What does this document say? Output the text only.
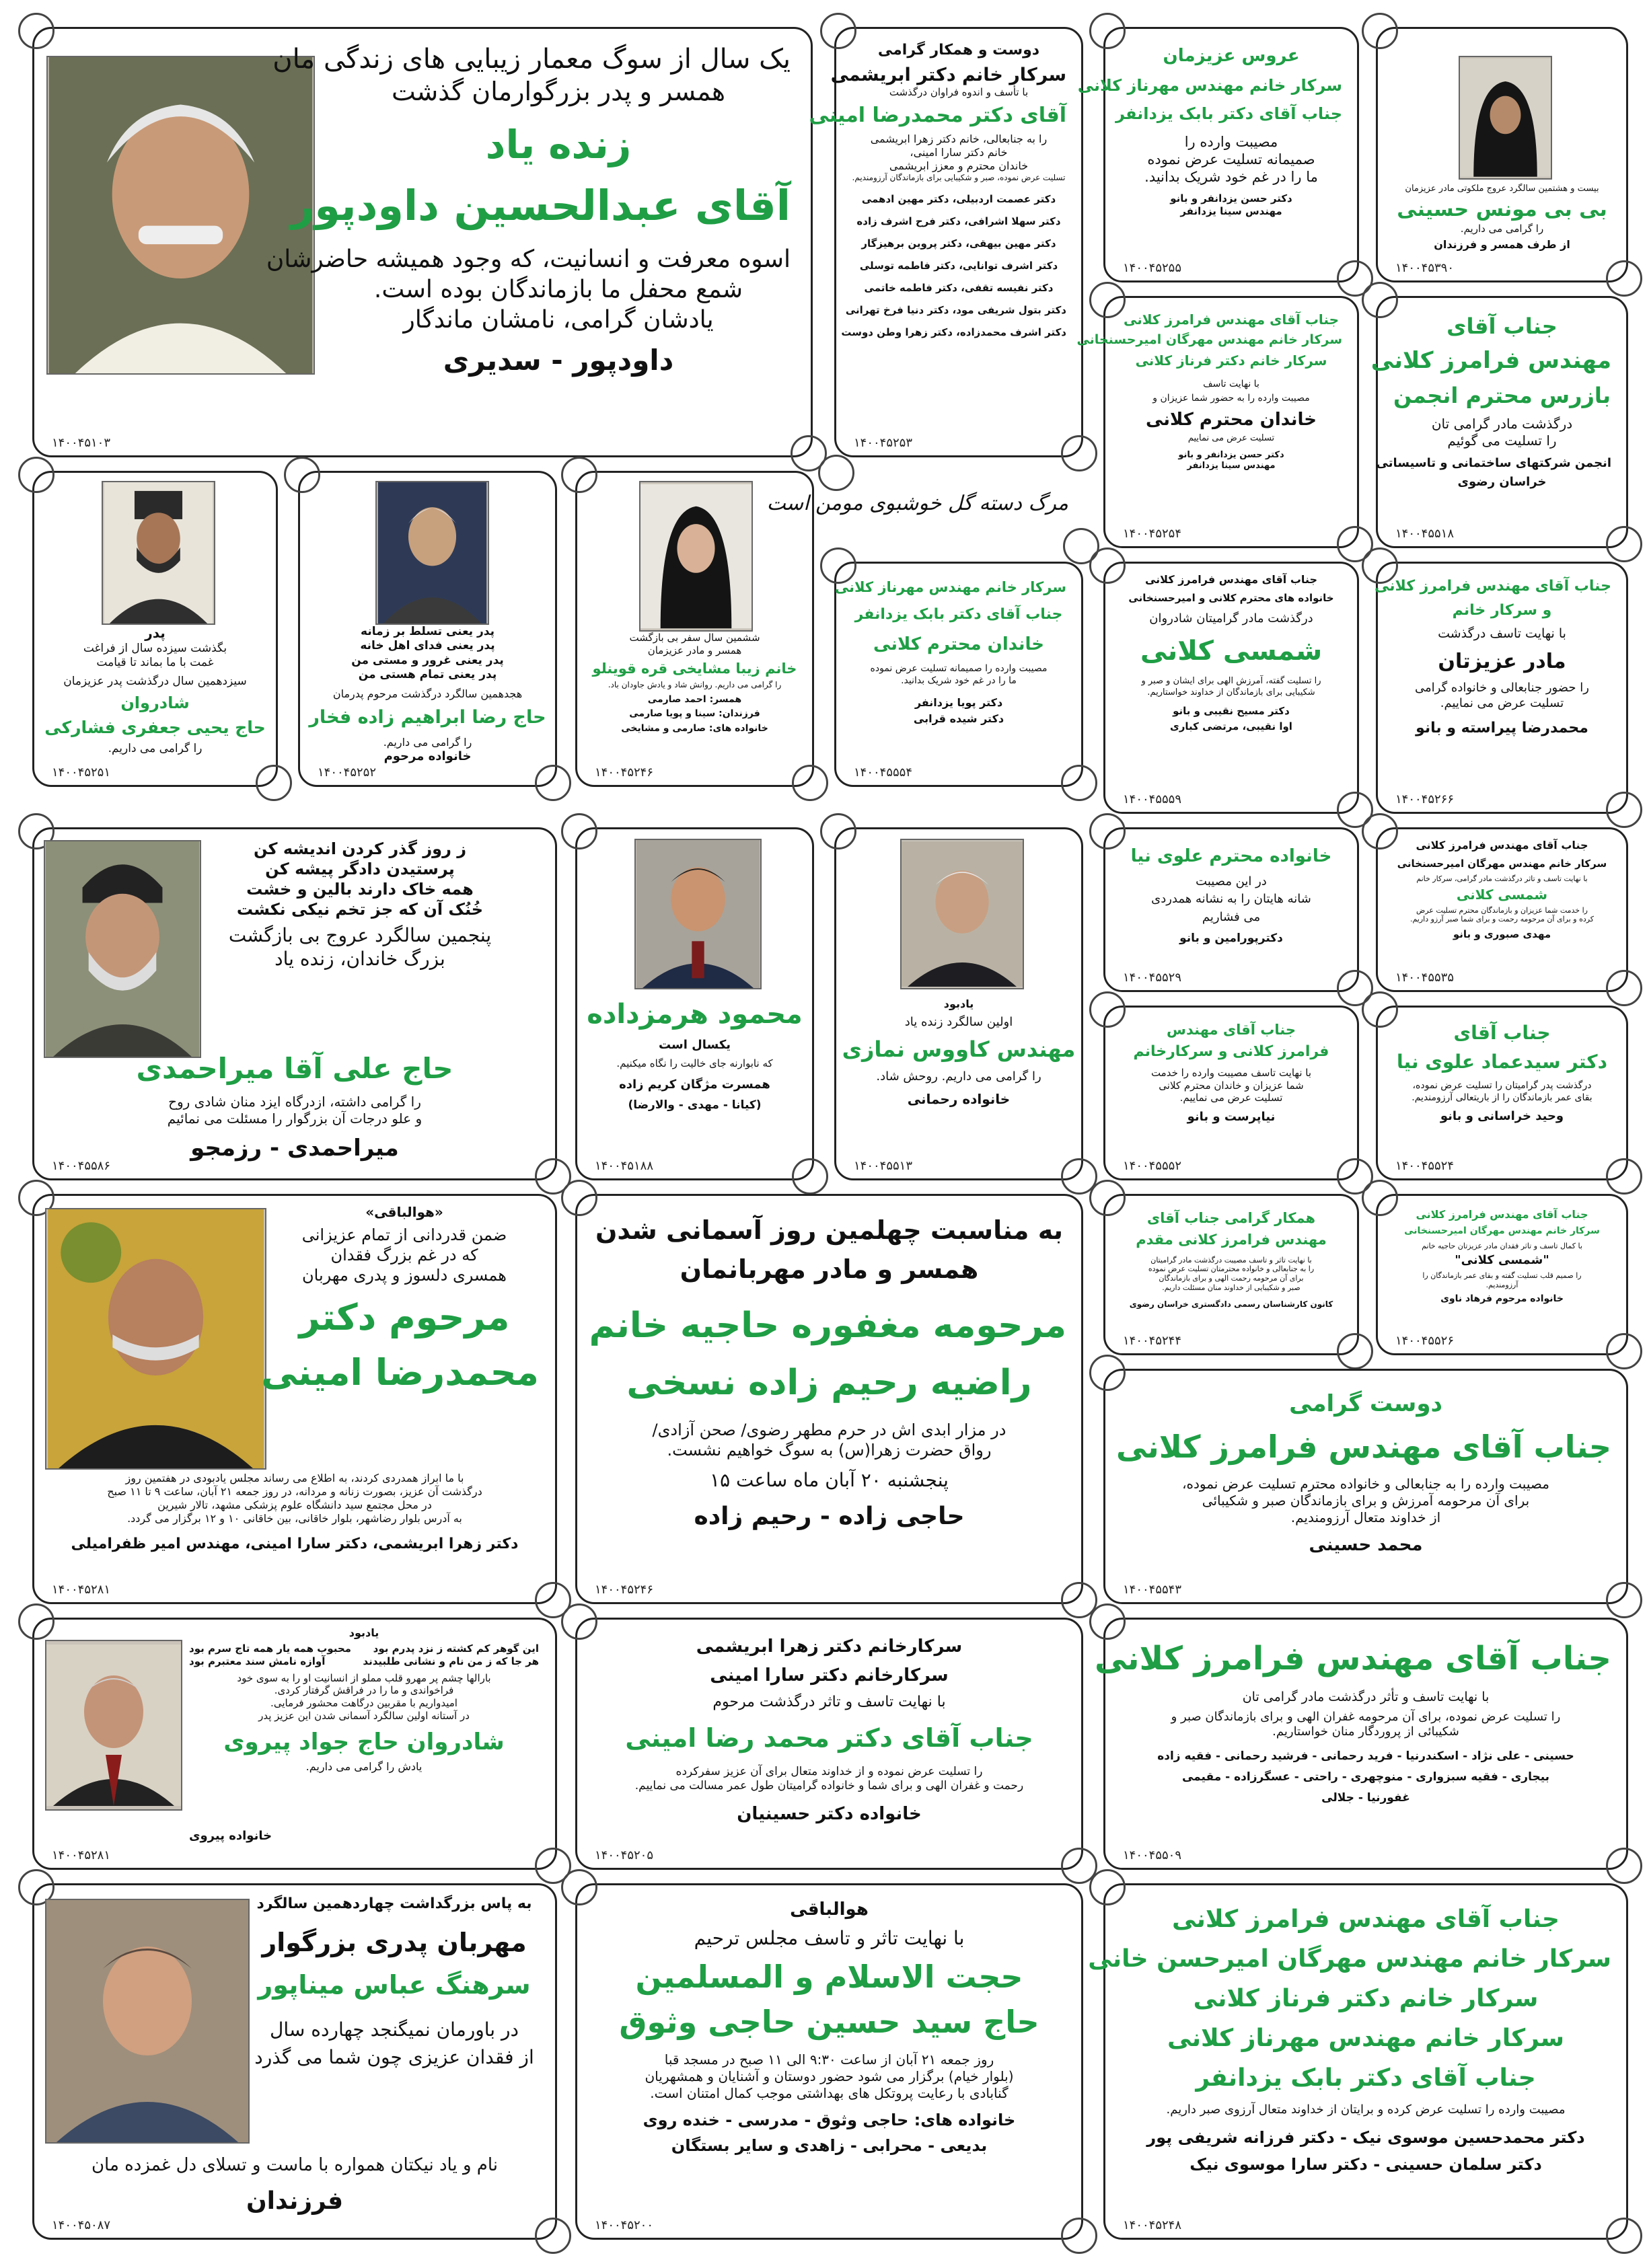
یک سال از سوگ معمار زیبایی های زندگی مان
همسر و پدر بزرگوارمان گذشت
زنده یاد
آقای عبدالحسین داودپور
اسوه معرفت و انسانیت، که وجود همیشه حاضرشان
شمع محفل ما بازماندگان بوده است.
یادشان گرامی، نامشان ماندگار
داودپور - سدیری
۱۴۰۰۴۵۱۰۳
دوست و همکار گرامی
سرکار خانم دکتر ابریشمی
با تأسف و اندوه فراوان درگذشت
آقای دکتر محمدرضا امینی
را به جنابعالی، خانم دکتر زهرا ابریشمی
خانم دکتر سارا امینی،
خاندان محترم و معزز ابریشمی
تسلیت عرض نموده، صبر و شکیبایی برای بازماندگان آرزومندیم.
دکتر عصمت اردبیلی، دکتر مهین ادهمی
دکتر سهلا اشرافی، دکتر فرح اشرف زاده
دکتر مهین بیهقی، دکتر پروین برهیزگار
دکتر اشرف توانایی، دکتر فاطمه توسلی
دکتر نفیسه تقفی، دکتر فاطمه خاتمی
دکتر بتول شریفی مود، دکتر دنیا فرخ تهرانی
دکتر اشرف محمدزاده، دکتر زهرا وطن دوست
۱۴۰۰۴۵۲۵۳
عروس عزیزمان
سرکار خانم مهندس مهرناز کلانی
جناب آقای دکتر بابک یزدانفر
مصیبت وارده را
صمیمانه تسلیت عرض نموده
ما را در غم خود شریک بدانید.
دکتر حسن یزدانفر و بانو
مهندس سینا یزدانفر
۱۴۰۰۴۵۲۵۵
بیست و هشتمین سالگرد عروج ملکوتی مادر عزیزمان
بی بی مونس حسینی
را گرامی می داریم.
از طرف همسر و فرزندان
۱۴۰۰۴۵۳۹۰
جناب آقای مهندس فرامرز کلانی
سرکار خانم مهندس مهرگان امیرحسنخانی
سرکار خانم دکتر فرناز کلانی
با نهایت تاسف
مصیبت وارده را به حضور شما عزیزان و
خاندان محترم کلانی
تسلیت عرض می نماییم
دکتر حسن یزدانفر و بانو
مهندس سینا یزدانفر
۱۴۰۰۴۵۲۵۴
جناب آقای
مهندس فرامرز کلانی
بازرس محترم انجمن
درگذشت مادر گرامی تان
را تسلیت می گوئیم
انجمن شرکتهای ساختمانی و تاسیساتی
خراسان رضوی
۱۴۰۰۴۵۵۱۸
پدر
بگذشت سیزده سال از فراغت
غمت با ما بماند تا قیامت
سیزدهمین سال درگذشت پدر عزیزمان
شادروان
حاج یحیی جعفری فشارکی
را گرامی می داریم.
۱۴۰۰۴۵۲۵۱
پدر یعنی تسلط بر زمانه
پدر یعنی فدای اهل خانه
پدر یعنی غرور و مستی من
پدر یعنی تمام هستی من
هجدهمین سالگرد درگذشت مرحوم پدرمان
حاج رضا ابراهیم زاده فخار
را گرامی می داریم.
خانواده مرحوم
۱۴۰۰۴۵۲۵۲
ششمین سال سفر بی بازگشت
همسر و مادر عزیزمان
خانم زیبا مشایخی قره قوینلو
را گرامی می داریم. روانش شاد و یادش جاودان باد.
همسر: احمد صارمی
فرزندان: سینا و پویا صارمی
خانواده های: صارمی و مشایخی
۱۴۰۰۴۵۲۴۶
مرگ دسته گل خوشبوی مومن است
سرکار خانم مهندس مهرناز کلانی
جناب آقای دکتر بابک یزدانفر
خاندان محترم کلانی
مصیبت وارده را صمیمانه تسلیت عرض نموده
ما را در غم خود شریک بدانید.
دکتر پویا یزدانفر
دکتر شیده قرابی
۱۴۰۰۴۵۵۵۴
جناب آقای مهندس فرامرز کلانی
خانواده های محترم کلانی و امیرحسنخانی
درگذشت مادر گرامیتان شادروان
شمسی کلانی
را تسلیت گفته، آمرزش الهی برای ایشان و صبر و
شکیبایی برای بازماندگان از خداوند خواستاریم.
دکتر مسیح نقیبی و بانو
اوا نقیبی، مرتضی کباری
۱۴۰۰۴۵۵۵۹
جناب آقای مهندس فرامرز کلانی
و سرکار خانم
با نهایت تاسف درگذشت
مادر عزیزتان
را حضور جنابعالی و خانواده گرامی
تسلیت عرض می نماییم.
محمدرضا پیراسته و بانو
۱۴۰۰۴۵۲۶۶
ز روز گذر کردن اندیشه کن
پرستیدن دادگر پیشه کن
همه خاک دارند بالین و خشت
خُنُک آن که جز تخم نیکی نکشت
پنجمین سالگرد عروج بی بازگشت
بزرگ خاندان، زنده یاد
حاج علی آقا میراحمدی
را گرامی داشته، ازدرگاه ایزد منان شادی روح
و علو درجات آن بزرگوار را مسئلت می نمائیم
میراحمدی - رزمجو
۱۴۰۰۴۵۵۸۶
محمود هرمزداده
یکسال است
که نابوارنه جای خالیت را نگاه میکنیم.
همسرت مژگان کریم زاده
(کیانا - مهدی - والارضا)
۱۴۰۰۴۵۱۸۸
یادبود
اولین سالگرد زنده یاد
مهندس کاووس نمازی
را گرامی می داریم. روحش شاد.
خانواده رحمانی
۱۴۰۰۴۵۵۱۳
خانواده محترم علوی نیا
در این مصیبت
شانه هایتان را به نشانه همدردی
می فشاریم
دکترپورامین و بانو
۱۴۰۰۴۵۵۲۹
جناب آقای مهندس فرامرز کلانی
سرکار خانم مهندس مهرگان امیرحسنخانی
با نهایت تاسف و تاثر درگذشت مادر گرامی، سرکار خانم
شمسی کلانی
را خدمت شما عزیزان و بازماندگان محترم تسلیت عرض
کرده و برای آن مرحومه رحمت و برای شما صبر آرزو داریم.
مهدی صبوری و بانو
۱۴۰۰۴۵۵۳۵
جناب آقای مهندس
فرامرز کلانی و سرکارخانم
با نهایت تاسف مصیبت وارده را خدمت
شما عزیزان و خاندان محترم کلانی
تسلیت عرض می نماییم.
نیاپرست و بانو
۱۴۰۰۴۵۵۵۲
جناب آقای
دکتر سیدعماد علوی نیا
درگذشت پدر گرامیتان را تسلیت عرض نموده،
بقای عمر بازماندگان را از باریتعالی آرزومندیم.
وحید خراسانی و بانو
۱۴۰۰۴۵۵۲۴
«هوالباقی»
ضمن قدردانی از تمام عزیزانی
که در غم بزرگ فقدان
همسری دلسوز و پدری مهربان
مرحوم دکتر
محمدرضا امینی
با ما ابراز همدردی کردند، به اطلاع می رساند مجلس یادبودی در هفتمین روز
درگذشت آن عزیز، بصورت زنانه و مردانه، در روز جمعه ۲۱ آبان، ساعت ۹ تا ۱۱ صبح
در محل مجتمع سید دانشگاه علوم پزشکی مشهد، تالار شیرین
به آدرس بلوار رضاشهر، بلوار خاقانی، بین خاقانی ۱۰ و ۱۲ برگزار می گردد.
دکتر زهرا ابریشمی، دکتر سارا امینی، مهندس امیر ظفرامیلی
۱۴۰۰۴۵۲۸۱
به مناسبت چهلمین روز آسمانی شدن
همسر و مادر مهربانمان
مرحومه مغفوره حاجیه خانم
راضیه رحیم زاده نسخی
در مزار ابدی اش در حرم مطهر رضوی/ صحن آزادی/
رواق حضرت زهرا(س) به سوگ خواهیم نشست.
پنجشنبه ۲۰ آبان ماه ساعت ۱۵
حاجی زاده - رحیم زاده
۱۴۰۰۴۵۲۴۶
همکار گرامی جناب آقای
مهندس فرامرز کلانی مقدم
با نهایت تاثر و تاسف مصیبت درگذشت مادر گرامیتان
را به جنابعالی و خانواده محترمتان تسلیت عرض نموده
برای آن مرحومه رحمت الهی و برای بازماندگان
صبر و شکیبایی از خداوند منان مسئلت داریم.
کانون کارشناسان رسمی دادگستری خراسان رضوی
۱۴۰۰۴۵۲۴۴
جناب آقای مهندس فرامرز کلانی
سرکار خانم مهندس مهرگان امیرحسنخانی
با کمال تاسف و تاثر فقدان مادر عزیزتان حاجیه خانم
"شمسی کلانی"
را صمیم قلب تسلیت گفته و بقای عمر بازماندگان را
آرزومندیم.
خانواده مرحوم فرهاد ناوی
۱۴۰۰۴۵۵۲۶
دوست گرامی
جناب آقای مهندس فرامرز کلانی
مصیبت وارده را به جنابعالی و خانواده محترم تسلیت عرض نموده،
برای آن مرحومه آمرزش و برای بازماندگان صبر و شکیبائی
از خداوند متعال آرزومندیم.
محمد حسینی
۱۴۰۰۴۵۵۴۳
یادبود
این گوهر کم کشته ز نزد پدرم بود
محبوب همه یار همه تاج سرم بود
هر جا که ز من نام و نشانی طلبیدند
آوازه نامش سند معتبرم بود
بارالها چشم پر مهرو قلب مملو از انسانیت او را به سوی خود
فراخواندی و ما را در فراقش گرفتار کردی.
امیدواریم با مقربین درگاهت محشور فرمایی.
در آستانه اولین سالگرد آسمانی شدن این عزیز پدر
شادروان حاج جواد پیروی
یادش را گرامی می داریم.
خانواده پیروی
۱۴۰۰۴۵۲۸۱
سرکارخانم دکتر زهرا ابریشمی
سرکارخانم دکتر سارا امینی
با نهایت تاسف و تاثر درگذشت مرحوم
جناب آقای دکتر محمد رضا امینی
را تسلیت عرض نموده و از خداوند متعال برای آن عزیز سفرکرده
رحمت و غفران الهی و برای شما و خانواده گرامیتان طول عمر مسالت می نماییم.
خانواده دکتر حسینیان
۱۴۰۰۴۵۲۰۵
جناب آقای مهندس فرامرز کلانی
با نهایت تاسف و تأثر درگذشت مادر گرامی تان
را تسلیت عرض نموده، برای آن مرحومه غفران الهی و برای بازماندگان صبر و
شکیبائی از پروردگار منان خواستاریم.
حسینی - علی نژاد - اسکندرنیا - فرید رحمانی - فرشید رحمانی - فقیه زاده
بیجاری - فقیه سبزواری - منوچهری - راحتی - عسگرزاده - مقیمی
غفورنیا - جلالی
۱۴۰۰۴۵۵۰۹
به پاس بزرگداشت چهاردهمین سالگرد
مهربان پدری بزرگوار
سرهنگ عباس میناپور
در باورمان نمیگنجد چهارده سال
از فقدان عزیزی چون شما می گذرد
نام و یاد نیکتان همواره با ماست و تسلای دل غمزده مان
فرزندان
۱۴۰۰۴۵۰۸۷
هوالباقی
با نهایت تاثر و تاسف مجلس ترحیم
حجت الاسلام و المسلمین
حاج سید حسین حاجی وثوق
روز جمعه ۲۱ آبان از ساعت ۹:۳۰ الی ۱۱ صبح در مسجد قبا
(بلوار خیام) برگزار می شود حضور دوستان و آشنایان و همشهریان
گنابادی با رعایت پروتکل های بهداشتی موجب کمال امتنان است.
خانواده های: حاجی وثوق - مدرسی - خنده روی
بدیعی - محرابی - زاهدی و سایر بستگان
۱۴۰۰۴۵۲۰۰
جناب آقای مهندس فرامرز کلانی
سرکار خانم مهندس مهرگان امیرحسن خانی
سرکار خانم دکتر فرناز کلانی
سرکار خانم مهندس مهرناز کلانی
جناب آقای دکتر بابک یزدانفر
مصیبت وارده را تسلیت عرض کرده و برایتان از خداوند متعال آرزوی صبر داریم.
دکتر محمدحسین موسوی نیک - دکتر فرزانه شریفی پور
دکتر سلمان حسینی - دکتر سارا موسوی نیک
۱۴۰۰۴۵۲۴۸
